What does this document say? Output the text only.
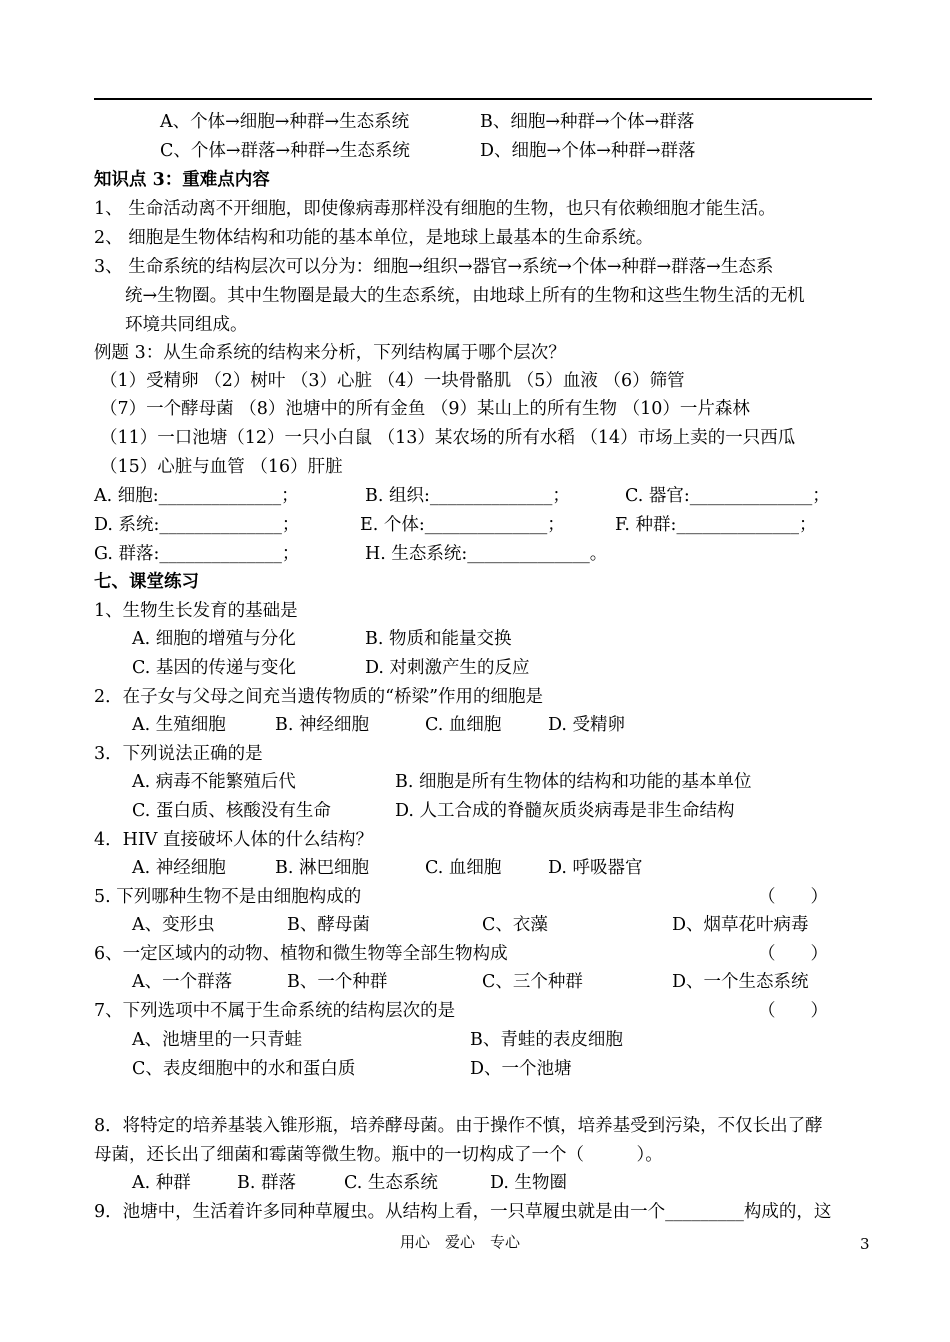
A、个体→细胞→种群→生态系统	B、细胞→种群→个体→群落
C、个体→群落→种群→生态系统	D、细胞→个体→种群→群落
知识点 3：重难点内容
1、 生命活动离不开细胞，即使像病毒那样没有细胞的生物，也只有依赖细胞才能生活。
2、 细胞是生物体结构和功能的基本单位，是地球上最基本的生命系统。
3、 生命系统的结构层次可以分为：细胞→组织→器官→系统→个体→种群→群落→生态系
统→生物圈。其中生物圈是最大的生态系统，由地球上所有的生物和这些生物生活的无机
环境共同组成。
例题 3：从生命系统的结构来分析，下列结构属于哪个层次？
（1）受精卵 （2）树叶 （3）心脏 （4）一块骨骼肌 （5）血液 （6）筛管
（7）一个酵母菌 （8）池塘中的所有金鱼 （9）某山上的所有生物 （10）一片森林
（11）一口池塘（12）一只小白鼠 （13）某农场的所有水稻 （14）市场上卖的一只西瓜
（15）心脏与血管 （16）肝脏
A. 细胞:______________；	B. 组织:______________；	C. 器官:______________；
D. 系统:______________；	E. 个体:______________；	F. 种群:______________；
G. 群落:______________；	H. 生态系统:______________。
七、课堂练习
1、生物生长发育的基础是
A. 细胞的增殖与分化	B. 物质和能量交换
C. 基因的传递与变化	D. 对刺激产生的反应
2．在子女与父母之间充当遗传物质的“桥梁”作用的细胞是
A. 生殖细胞	B. 神经细胞	C. 血细胞	D. 受精卵
3．下列说法正确的是
A. 病毒不能繁殖后代	B. 细胞是所有生物体的结构和功能的基本单位
C. 蛋白质、核酸没有生命	D. 人工合成的脊髓灰质炎病毒是非生命结构
4．HIV 直接破坏人体的什么结构？
A. 神经细胞	B. 淋巴细胞	C. 血细胞	D. 呼吸器官
5. 下列哪种生物不是由细胞构成的	（　　）
A、变形虫	B、酵母菌	C、衣藻	D、烟草花叶病毒
6、一定区域内的动物、植物和微生物等全部生物构成	（　　）
A、一个群落	B、一个种群	C、三个种群	D、一个生态系统
7、下列选项中不属于生命系统的结构层次的是	（　　）
A、池塘里的一只青蛙	B、青蛙的表皮细胞
C、表皮细胞中的水和蛋白质	D、一个池塘
8．将特定的培养基装入锥形瓶，培养酵母菌。由于操作不慎，培养基受到污染，不仅长出了酵
母菌，还长出了细菌和霉菌等微生物。瓶中的一切构成了一个（　　　）。
A. 种群	B. 群落	C. 生态系统	D. 生物圈
9．池塘中，生活着许多同种草履虫。从结构上看，一只草履虫就是由一个_________构成的，这
用心　爱心　专心	3
